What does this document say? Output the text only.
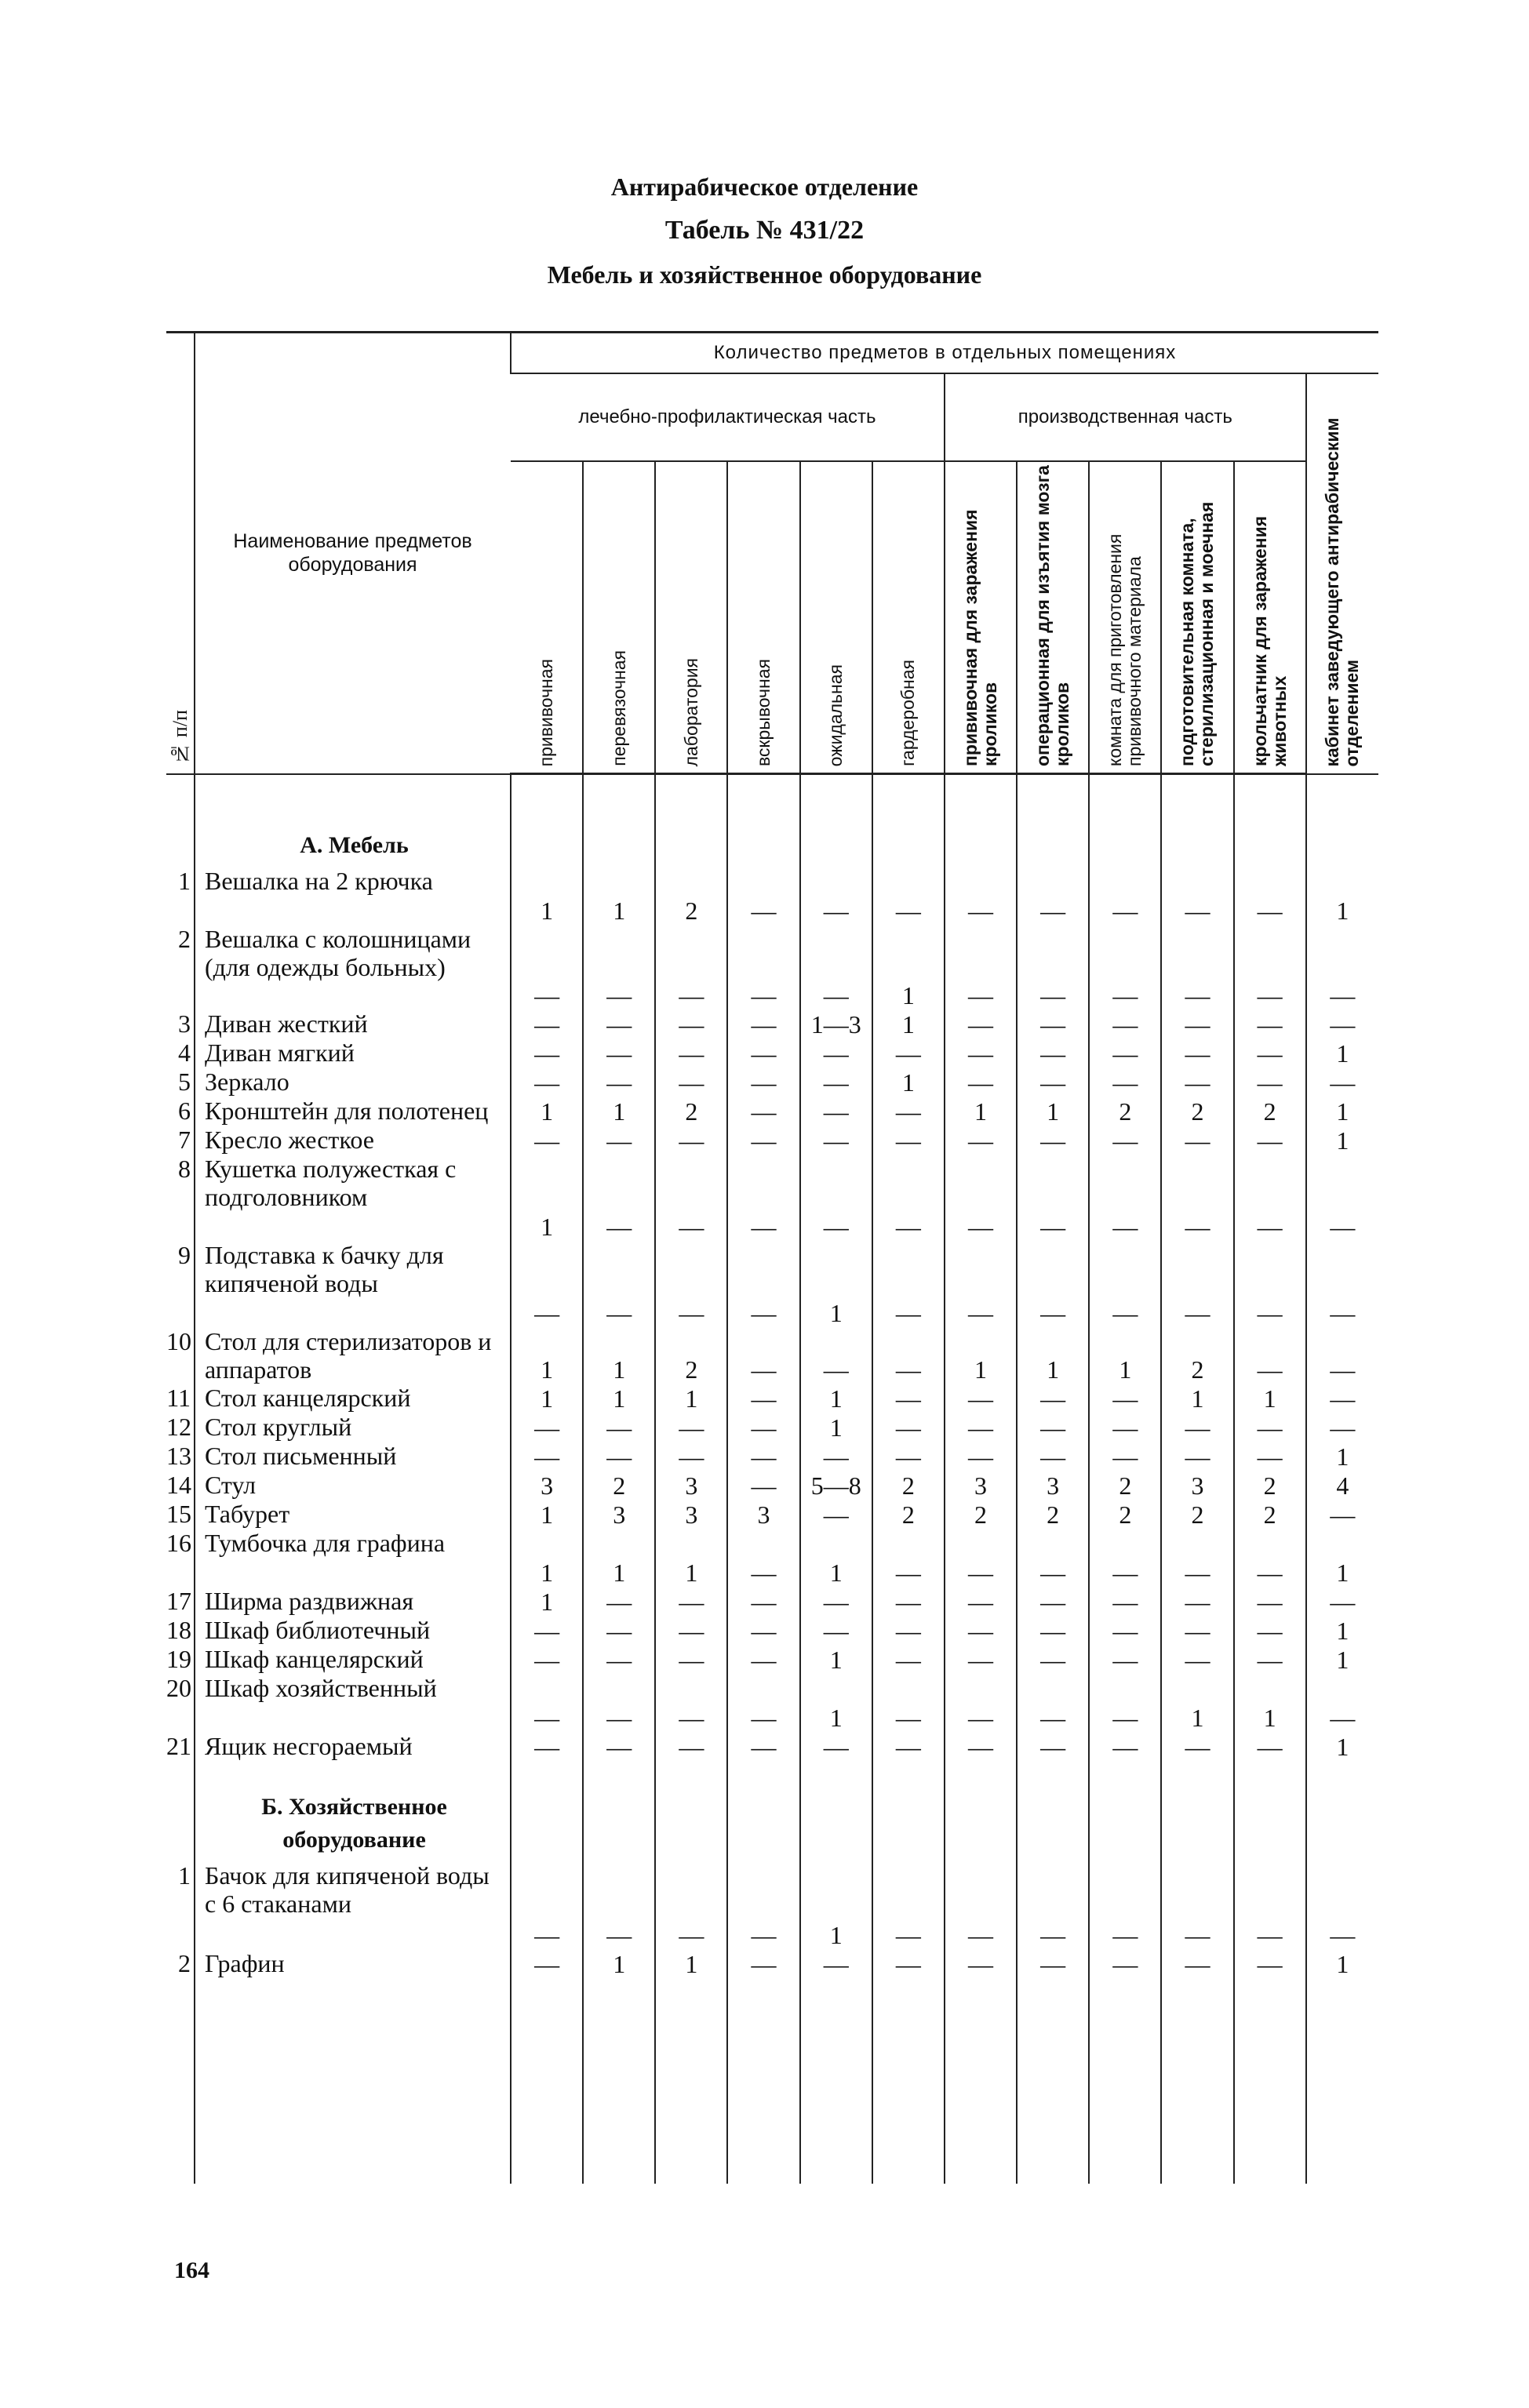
Антирабическое отделение
Табель № 431/22
Мебель и хозяйственное оборудование
№ п/п	Наименование предметов оборудования	Количество предметов в отдельных помещениях											
		лечебно-профилактическая часть						производственная часть					кабинет заведующего антирабическим отделением

		прививочная	перевязочная	лаборатория	вскрывочная	ожидальная	гардеробная	прививочная для заражения кроликов	операционная для изъятия мозга кроликов	комната для приготовления прививочного материала	подготовительная комната, стерилизационная и моечная	крольчатник для заражения животных	

	А. Мебель												
1	Вешалка на 2 крючка	1	1	2	—	—	—	—	—	—	—	—	1
2	Вешалка с колошницами (для одежды больных)	—	—	—	—	—	1	—	—	—	—	—	—
3	Диван жесткий	—	—	—	—	1—3	1	—	—	—	—	—	—
4	Диван мягкий	—	—	—	—	—	—	—	—	—	—	—	1
5	Зеркало	—	—	—	—	—	1	—	—	—	—	—	—
6	Кронштейн для полотенец	1	1	2	—	—	—	1	1	2	2	2	1
7	Кресло жесткое	—	—	—	—	—	—	—	—	—	—	—	1
8	Кушетка полужесткая с подголовником	1	—	—	—	—	—	—	—	—	—	—	—
9	Подставка к бачку для кипяченой воды	—	—	—	—	1	—	—	—	—	—	—	—
10	Стол для стерилизаторов и аппаратов	1	1	2	—	—	—	1	1	1	2	—	—
11	Стол канцелярский	1	1	1	—	1	—	—	—	—	1	1	—
12	Стол круглый	—	—	—	—	1	—	—	—	—	—	—	—
13	Стол письменный	—	—	—	—	—	—	—	—	—	—	—	1
14	Стул	3	2	3	—	5—8	2	3	3	2	3	2	4
15	Табурет	1	3	3	3	—	2	2	2	2	2	2	—
16	Тумбочка для графина	1	1	1	—	1	—	—	—	—	—	—	1
17	Ширма раздвижная	1	—	—	—	—	—	—	—	—	—	—	—
18	Шкаф библиотечный	—	—	—	—	—	—	—	—	—	—	—	1
19	Шкаф канцелярский	—	—	—	—	1	—	—	—	—	—	—	1
20	Шкаф хозяйственный	—	—	—	—	1	—	—	—	—	1	1	—
21	Ящик несгораемый	—	—	—	—	—	—	—	—	—	—	—	1
	Б. Хозяйственное оборудование												
1	Бачок для кипяченой воды с 6 стаканами	—	—	—	—	1	—	—	—	—	—	—	—
2	Графин	—	1	1	—	—	—	—	—	—	—	—	1

164
